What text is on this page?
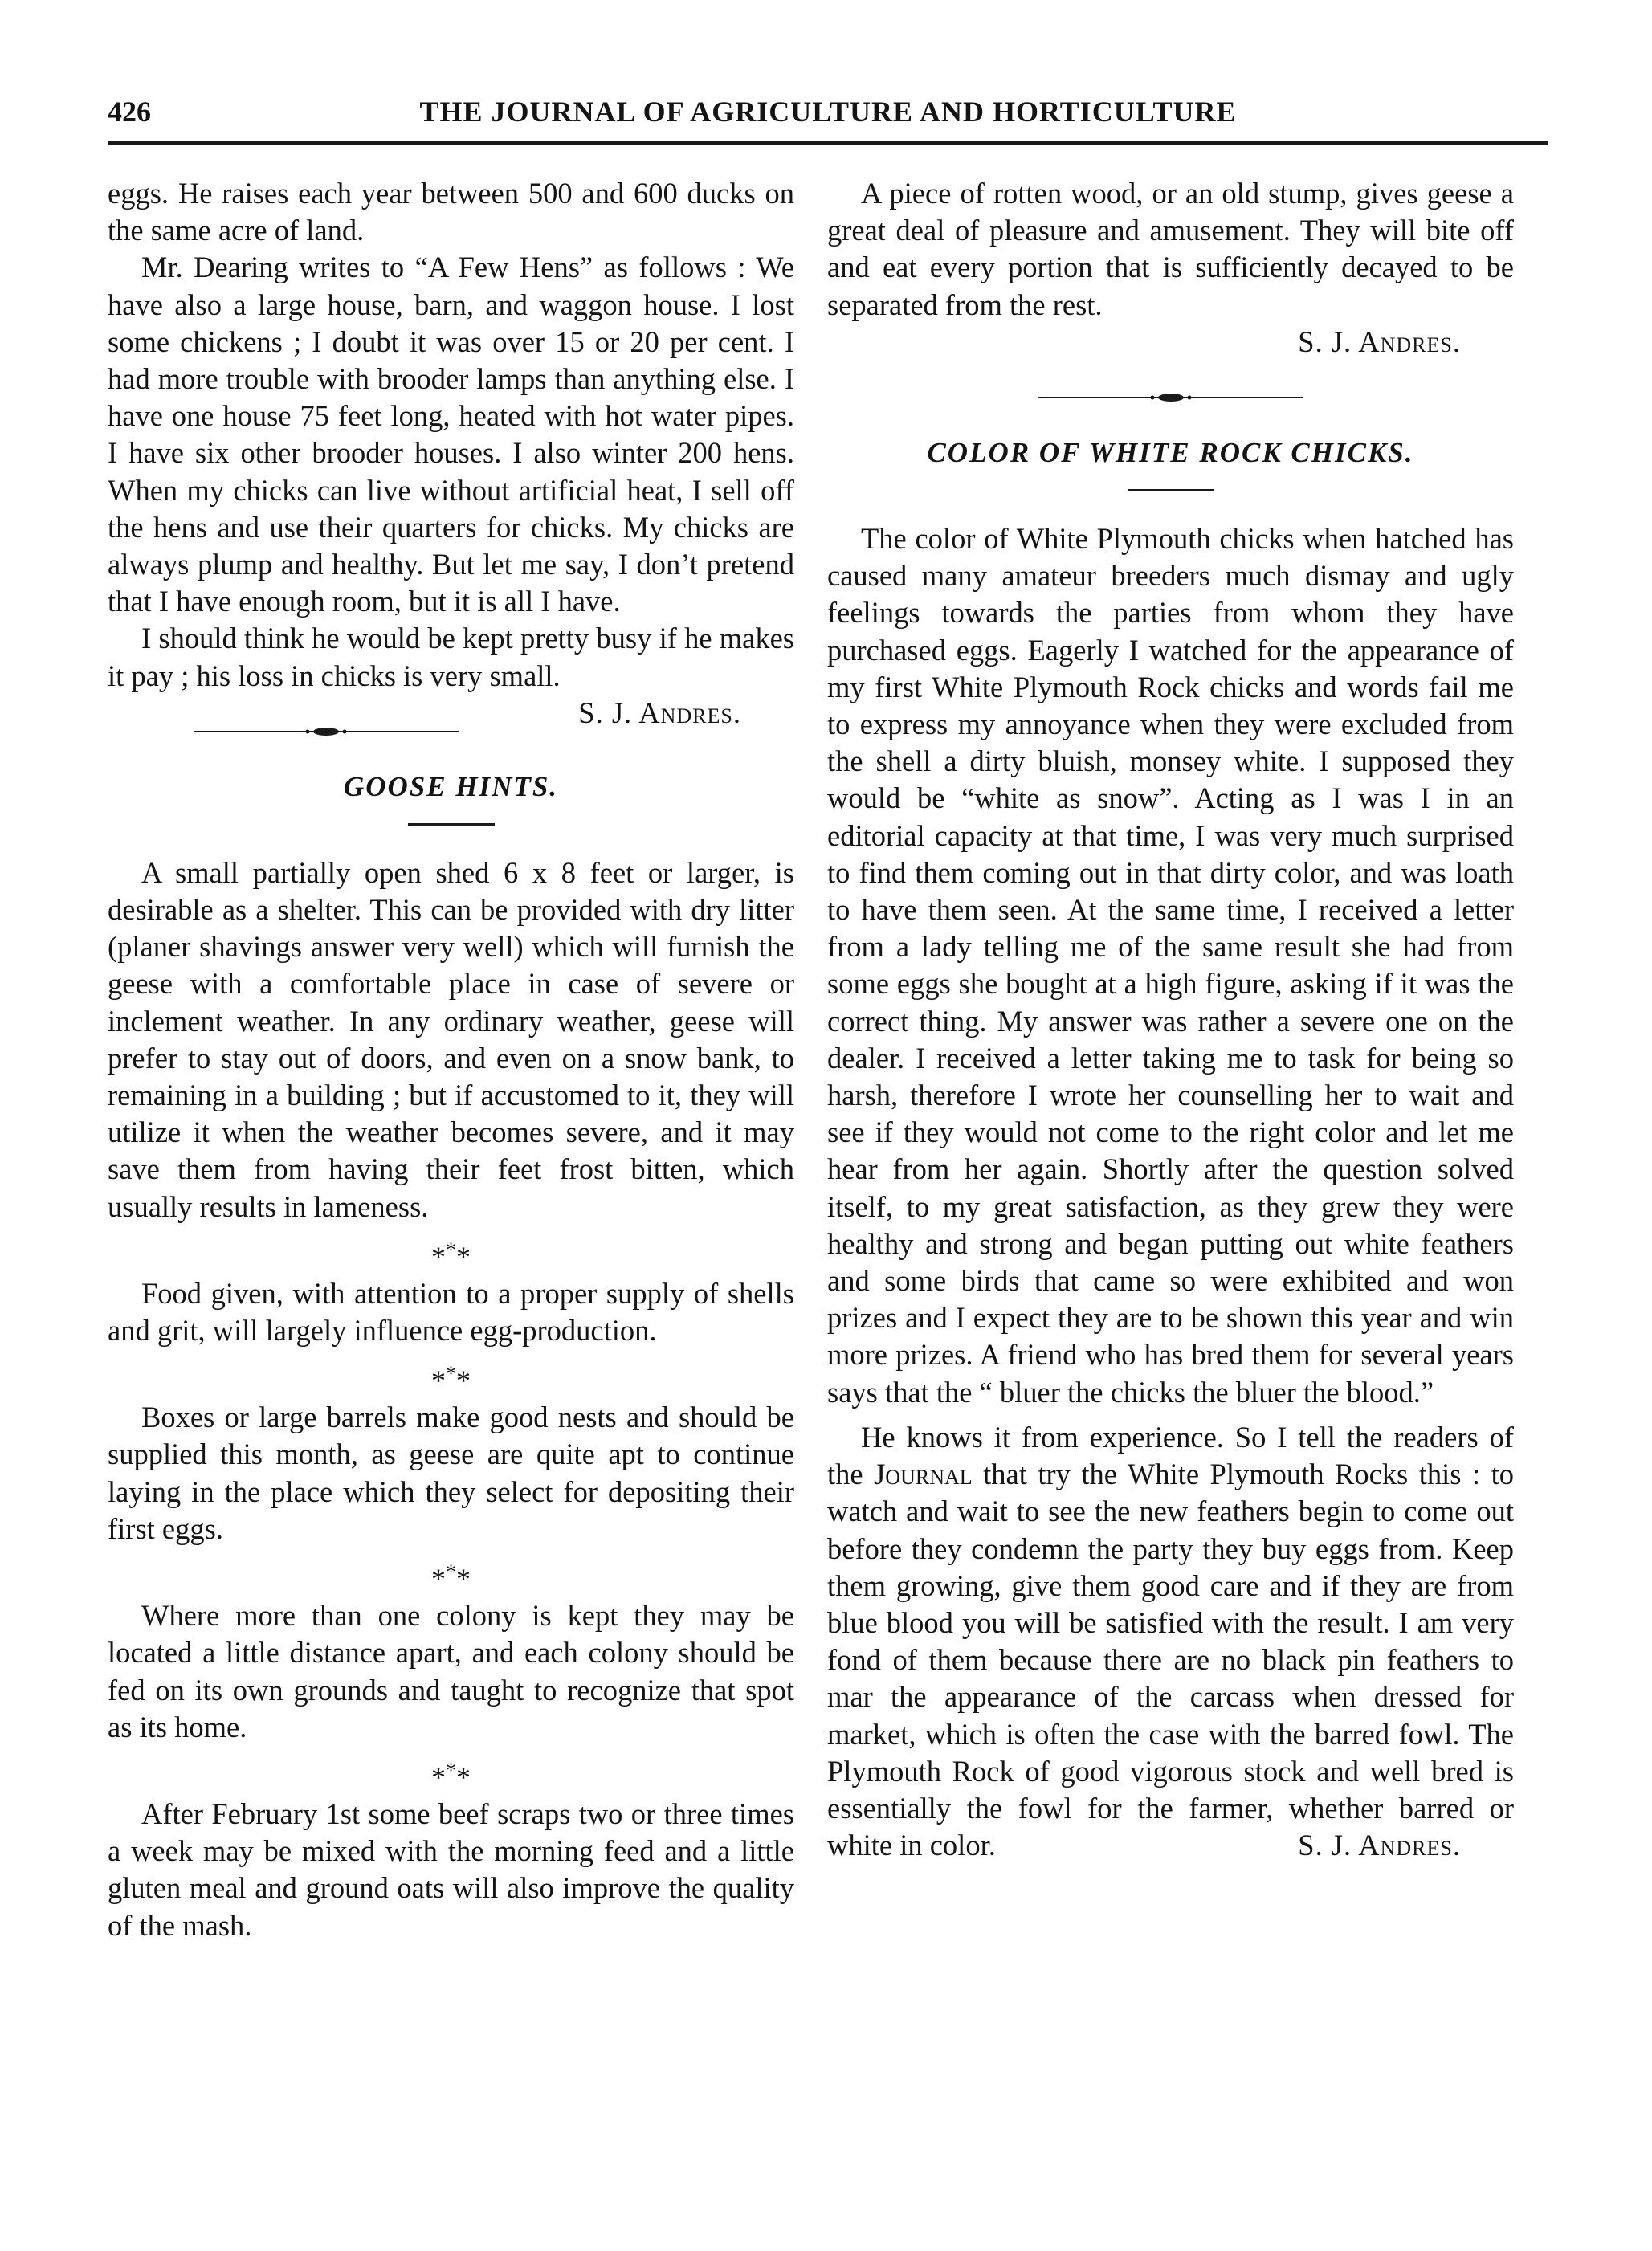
426	THE JOURNAL OF AGRICULTURE AND HORTICULTURE

eggs. He raises each year between 500 and 600 ducks on the same acre of land.

Mr. Dearing writes to “A Few Hens” as follows : We have also a large house, barn, and waggon house. I lost some chickens ; I doubt it was over 15 or 20 per cent. I had more trouble with brooder lamps than anything else. I have one house 75 feet long, heated with hot water pipes. I have six other brooder houses. I also winter 200 hens. When my chicks can live without artificial heat, I sell off the hens and use their quarters for chicks. My chicks are always plump and healthy. But let me say, I don’t pretend that I have enough room, but it is all I have.

I should think he would be kept pretty busy if he makes it pay ; his loss in chicks is very small.
S. J. Andres.

GOOSE HINTS.

A small partially open shed 6 x 8 feet or larger, is desirable as a shelter. This can be provided with dry litter (planer shavings answer very well) which will furnish the geese with a comfortable place in case of severe or inclement weather. In any ordinary weather, geese will prefer to stay out of doors, and even on a snow bank, to remaining in a building ; but if accustomed to it, they will utilize it when the weather becomes severe, and it may save them from having their feet frost bitten, which usually results in lameness.

***

Food given, with attention to a proper supply of shells and grit, will largely influence egg-production.

***

Boxes or large barrels make good nests and should be supplied this month, as geese are quite apt to continue laying in the place which they select for depositing their first eggs.

***

Where more than one colony is kept they may be located a little distance apart, and each colony should be fed on its own grounds and taught to recognize that spot as its home.

***

After February 1st some beef scraps two or three times a week may be mixed with the morning feed and a little gluten meal and ground oats will also improve the quality of the mash.

A piece of rotten wood, or an old stump, gives geese a great deal of pleasure and amusement. They will bite off and eat every portion that is sufficiently decayed to be separated from the rest.

S. J. Andres.

COLOR OF WHITE ROCK CHICKS.

The color of White Plymouth chicks when hatched has caused many amateur breeders much dismay and ugly feelings towards the parties from whom they have purchased eggs. Eagerly I watched for the appearance of my first White Plymouth Rock chicks and words fail me to express my annoyance when they were excluded from the shell a dirty bluish, monsey white. I supposed they would be “white as snow”. Acting as I was I in an editorial capacity at that time, I was very much surprised to find them coming out in that dirty color, and was loath to have them seen. At the same time, I received a letter from a lady telling me of the same result she had from some eggs she bought at a high figure, asking if it was the correct thing. My answer was rather a severe one on the dealer. I received a letter taking me to task for being so harsh, therefore I wrote her counselling her to wait and see if they would not come to the right color and let me hear from her again. Shortly after the question solved itself, to my great satisfaction, as they grew they were healthy and strong and began putting out white feathers and some birds that came so were exhibited and won prizes and I expect they are to be shown this year and win more prizes. A friend who has bred them for several years says that the “ bluer the chicks the bluer the blood.”

He knows it from experience. So I tell the readers of the Journal that try the White Plymouth Rocks this : to watch and wait to see the new feathers begin to come out before they condemn the party they buy eggs from. Keep them growing, give them good care and if they are from blue blood you will be satisfied with the result. I am very fond of them because there are no black pin feathers to mar the appearance of the carcass when dressed for market, which is often the case with the barred fowl. The Plymouth Rock of good vigorous stock and well bred is essentially the fowl for the farmer, whether barred or white in color.	S. J. Andres.
